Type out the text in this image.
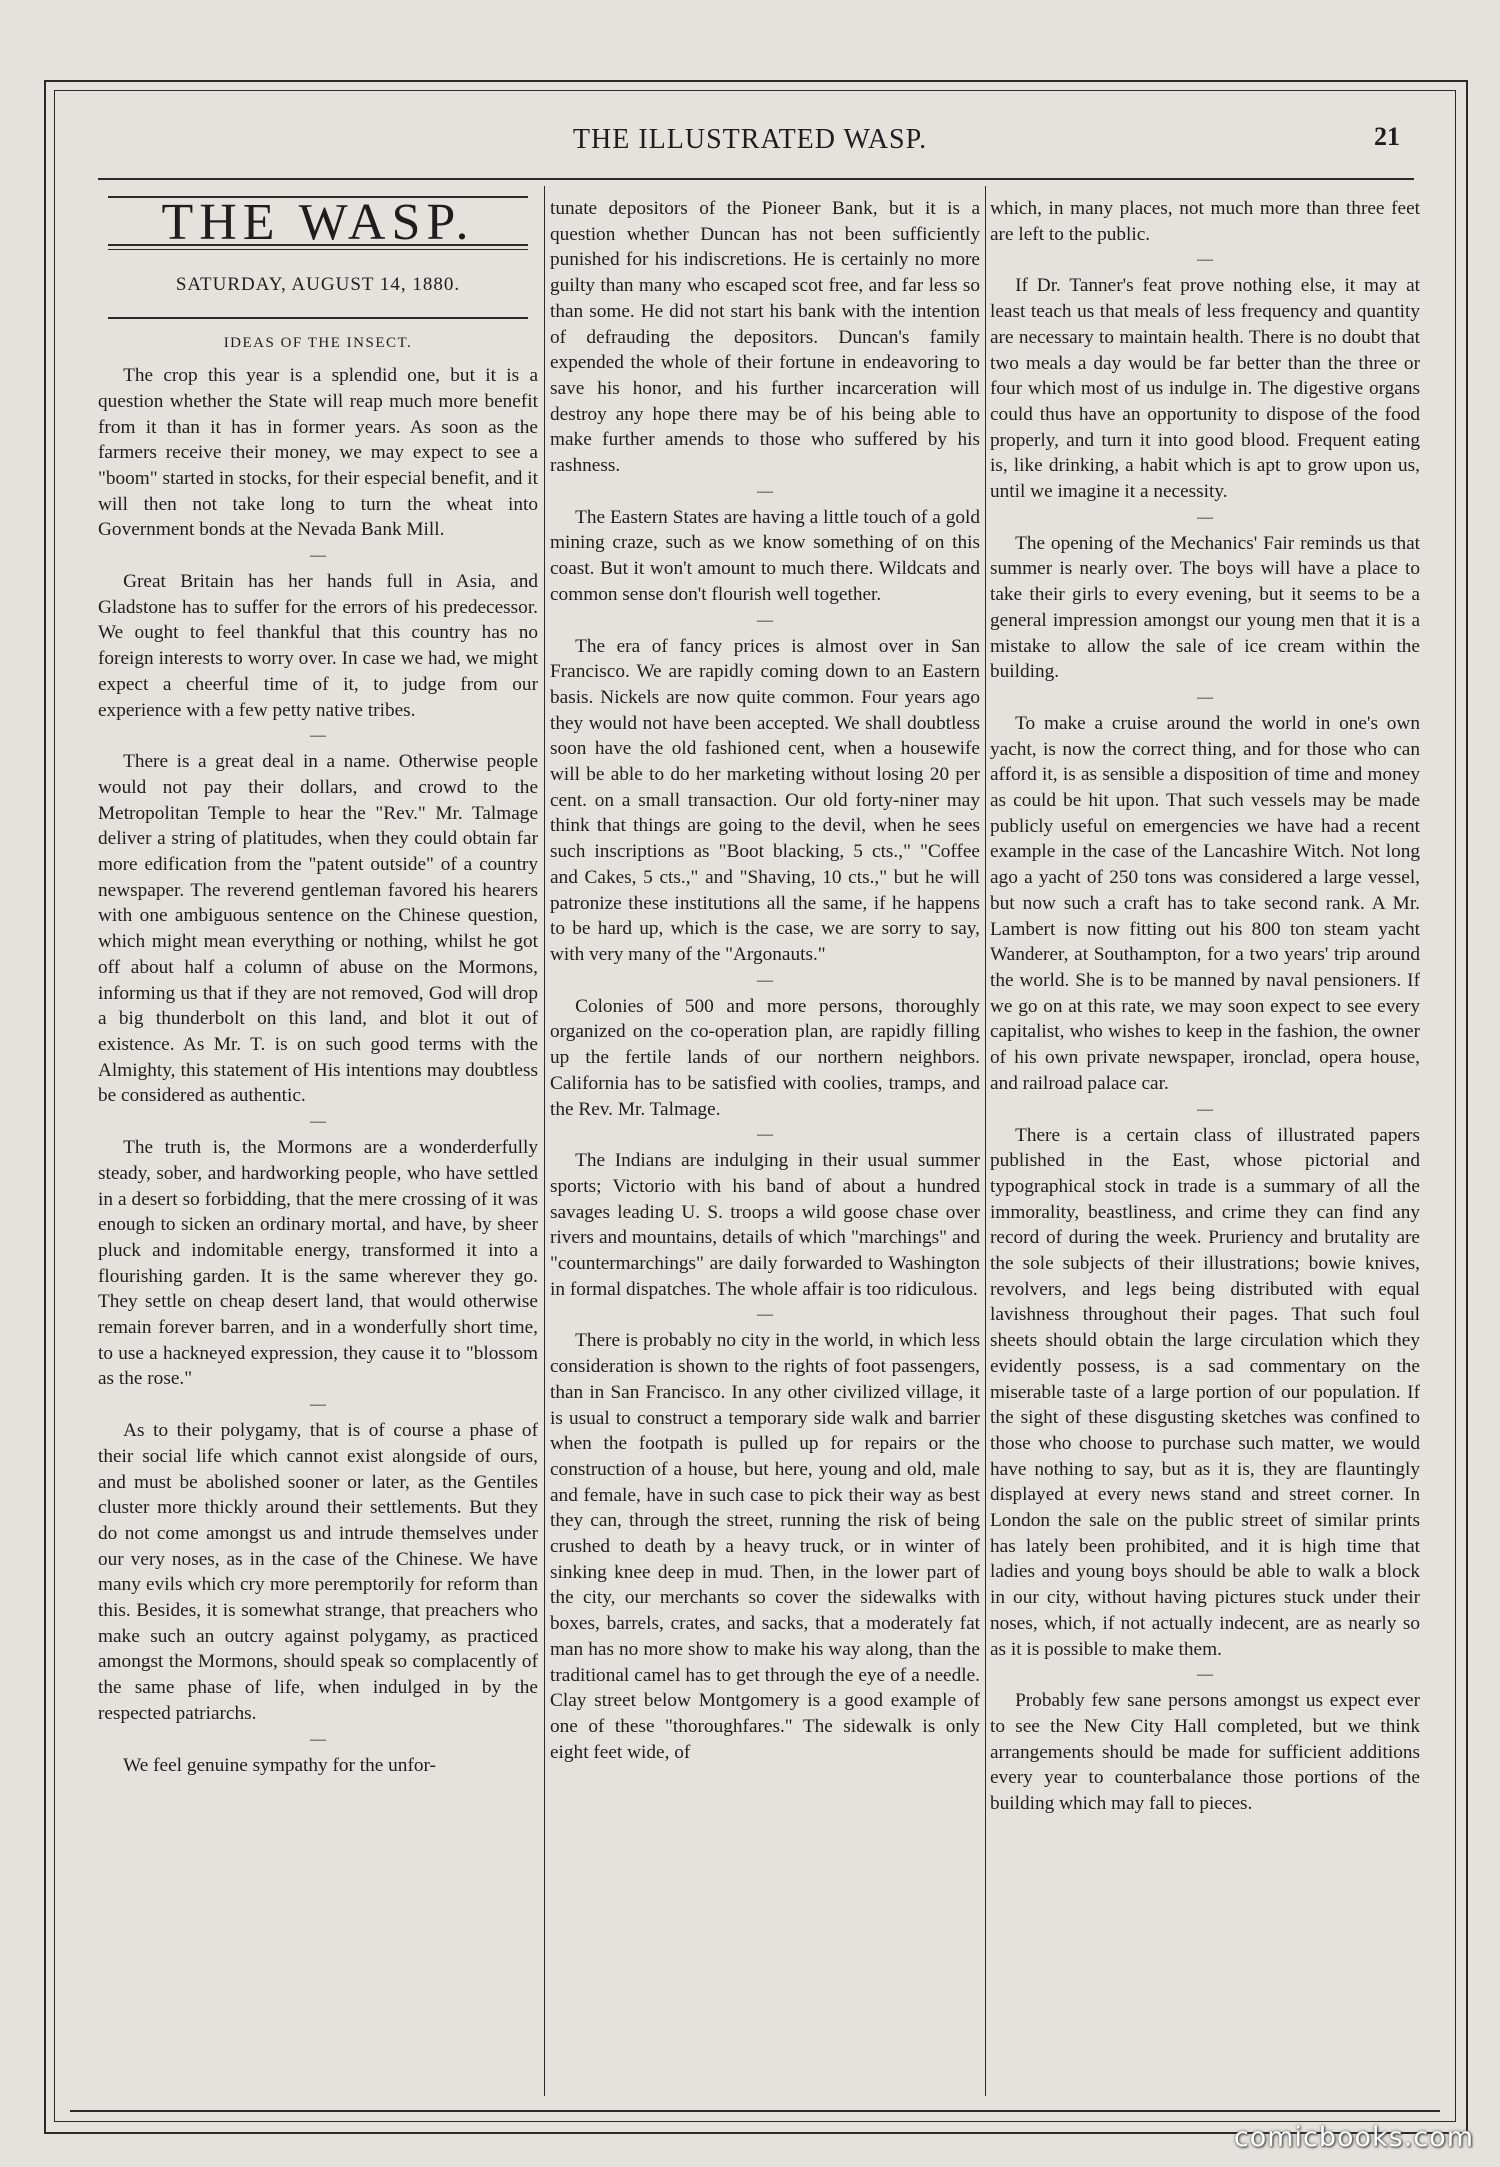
THE ILLUSTRATED WASP.	21
THE WASP.
SATURDAY, AUGUST 14, 1880.
IDEAS OF THE INSECT.

The crop this year is a splendid one, but it is a question whether the State will reap much more benefit from it than it has in former years. As soon as the farmers receive their money, we may expect to see a "boom" started in stocks, for their especial benefit, and it will then not take long to turn the wheat into Government bonds at the Nevada Bank Mill.

—

Great Britain has her hands full in Asia, and Gladstone has to suffer for the errors of his predecessor. We ought to feel thankful that this country has no foreign interests to worry over. In case we had, we might expect a cheerful time of it, to judge from our experience with a few petty native tribes.

—

There is a great deal in a name. Otherwise people would not pay their dollars, and crowd to the Metropolitan Temple to hear the "Rev." Mr. Talmage deliver a string of platitudes, when they could obtain far more edification from the "patent outside" of a country newspaper. The reverend gentleman favored his hearers with one ambiguous sentence on the Chinese question, which might mean everything or nothing, whilst he got off about half a column of abuse on the Mormons, informing us that if they are not removed, God will drop a big thunderbolt on this land, and blot it out of existence. As Mr. T. is on such good terms with the Almighty, this statement of His intentions may doubtless be considered as authentic.

—

The truth is, the Mormons are a wonderderfully steady, sober, and hardworking people, who have settled in a desert so forbidding, that the mere crossing of it was enough to sicken an ordinary mortal, and have, by sheer pluck and indomitable energy, transformed it into a flourishing garden. It is the same wherever they go. They settle on cheap desert land, that would otherwise remain forever barren, and in a wonderfully short time, to use a hackneyed expression, they cause it to "blossom as the rose."

—

As to their polygamy, that is of course a phase of their social life which cannot exist alongside of ours, and must be abolished sooner or later, as the Gentiles cluster more thickly around their settlements. But they do not come amongst us and intrude themselves under our very noses, as in the case of the Chinese. We have many evils which cry more peremptorily for reform than this. Besides, it is somewhat strange, that preachers who make such an outcry against polygamy, as practiced amongst the Mormons, should speak so complacently of the same phase of life, when indulged in by the respected patriarchs.

—

We feel genuine sympathy for the unfor-

tunate depositors of the Pioneer Bank, but it is a question whether Duncan has not been sufficiently punished for his indiscretions. He is certainly no more guilty than many who escaped scot free, and far less so than some. He did not start his bank with the intention of defrauding the depositors. Duncan's family expended the whole of their fortune in endeavoring to save his honor, and his further incarceration will destroy any hope there may be of his being able to make further amends to those who suffered by his rashness.

—

The Eastern States are having a little touch of a gold mining craze, such as we know something of on this coast. But it won't amount to much there. Wildcats and common sense don't flourish well together.

—

The era of fancy prices is almost over in San Francisco. We are rapidly coming down to an Eastern basis. Nickels are now quite common. Four years ago they would not have been accepted. We shall doubtless soon have the old fashioned cent, when a housewife will be able to do her marketing without losing 20 per cent. on a small transaction. Our old forty-niner may think that things are going to the devil, when he sees such inscriptions as "Boot blacking, 5 cts.," "Coffee and Cakes, 5 cts.," and "Shaving, 10 cts.," but he will patronize these institutions all the same, if he happens to be hard up, which is the case, we are sorry to say, with very many of the "Argonauts."

—

Colonies of 500 and more persons, thoroughly organized on the co-operation plan, are rapidly filling up the fertile lands of our northern neighbors. California has to be satisfied with coolies, tramps, and the Rev. Mr. Talmage.

—

The Indians are indulging in their usual summer sports; Victorio with his band of about a hundred savages leading U. S. troops a wild goose chase over rivers and mountains, details of which "marchings" and "countermarchings" are daily forwarded to Washington in formal dispatches. The whole affair is too ridiculous.

—

There is probably no city in the world, in which less consideration is shown to the rights of foot passengers, than in San Francisco. In any other civilized village, it is usual to construct a temporary side walk and barrier when the footpath is pulled up for repairs or the construction of a house, but here, young and old, male and female, have in such case to pick their way as best they can, through the street, running the risk of being crushed to death by a heavy truck, or in winter of sinking knee deep in mud. Then, in the lower part of the city, our merchants so cover the sidewalks with boxes, barrels, crates, and sacks, that a moderately fat man has no more show to make his way along, than the traditional camel has to get through the eye of a needle. Clay street below Montgomery is a good example of one of these "thoroughfares." The sidewalk is only eight feet wide, of

which, in many places, not much more than three feet are left to the public.

—

If Dr. Tanner's feat prove nothing else, it may at least teach us that meals of less frequency and quantity are necessary to maintain health. There is no doubt that two meals a day would be far better than the three or four which most of us indulge in. The digestive organs could thus have an opportunity to dispose of the food properly, and turn it into good blood. Frequent eating is, like drinking, a habit which is apt to grow upon us, until we imagine it a necessity.

—

The opening of the Mechanics' Fair reminds us that summer is nearly over. The boys will have a place to take their girls to every evening, but it seems to be a general impression amongst our young men that it is a mistake to allow the sale of ice cream within the building.

—

To make a cruise around the world in one's own yacht, is now the correct thing, and for those who can afford it, is as sensible a disposition of time and money as could be hit upon. That such vessels may be made publicly useful on emergencies we have had a recent example in the case of the Lancashire Witch. Not long ago a yacht of 250 tons was considered a large vessel, but now such a craft has to take second rank. A Mr. Lambert is now fitting out his 800 ton steam yacht Wanderer, at Southampton, for a two years' trip around the world. She is to be manned by naval pensioners. If we go on at this rate, we may soon expect to see every capitalist, who wishes to keep in the fashion, the owner of his own private newspaper, ironclad, opera house, and railroad palace car.

—

There is a certain class of illustrated papers published in the East, whose pictorial and typographical stock in trade is a summary of all the immorality, beastliness, and crime they can find any record of during the week. Pruriency and brutality are the sole subjects of their illustrations; bowie knives, revolvers, and legs being distributed with equal lavishness throughout their pages. That such foul sheets should obtain the large circulation which they evidently possess, is a sad commentary on the miserable taste of a large portion of our population. If the sight of these disgusting sketches was confined to those who choose to purchase such matter, we would have nothing to say, but as it is, they are flauntingly displayed at every news stand and street corner. In London the sale on the public street of similar prints has lately been prohibited, and it is high time that ladies and young boys should be able to walk a block in our city, without having pictures stuck under their noses, which, if not actually indecent, are as nearly so as it is possible to make them.

—

Probably few sane persons amongst us expect ever to see the New City Hall completed, but we think arrangements should be made for sufficient additions every year to counterbalance those portions of the building which may fall to pieces.

comicbooks.com
